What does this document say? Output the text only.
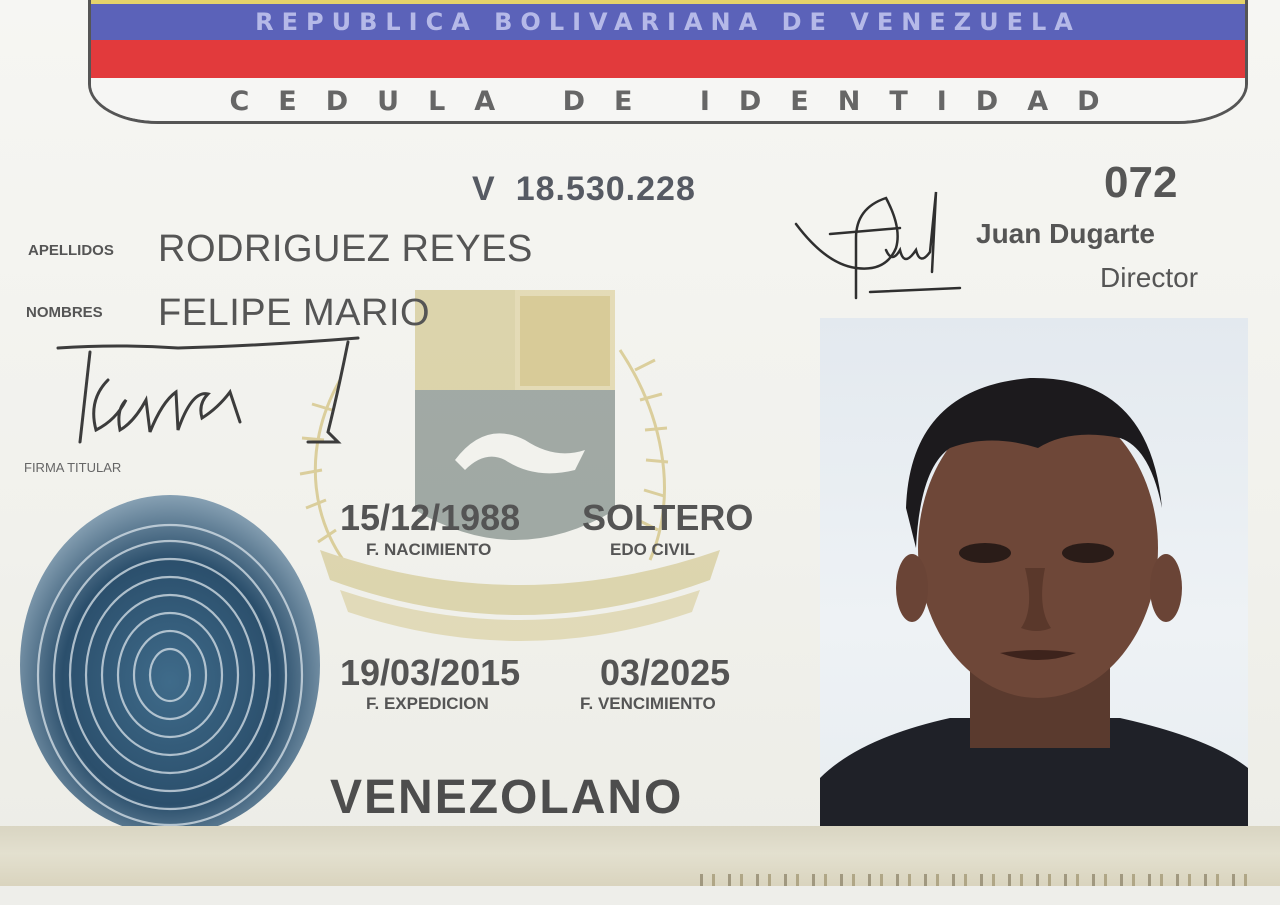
REPUBLICA BOLIVARIANA DE VENEZUELA
CEDULA DE IDENTIDAD
V 18.530.228
APELLIDOS RODRIGUEZ REYES
NOMBRES FELIPE MARIO
FIRMA TITULAR
15/12/1988
F. NACIMIENTO
SOLTERO
EDO CIVIL
19/03/2015
F. EXPEDICION
03/2025
F. VENCIMIENTO
VENEZOLANO
072
Juan Dugarte
Director
